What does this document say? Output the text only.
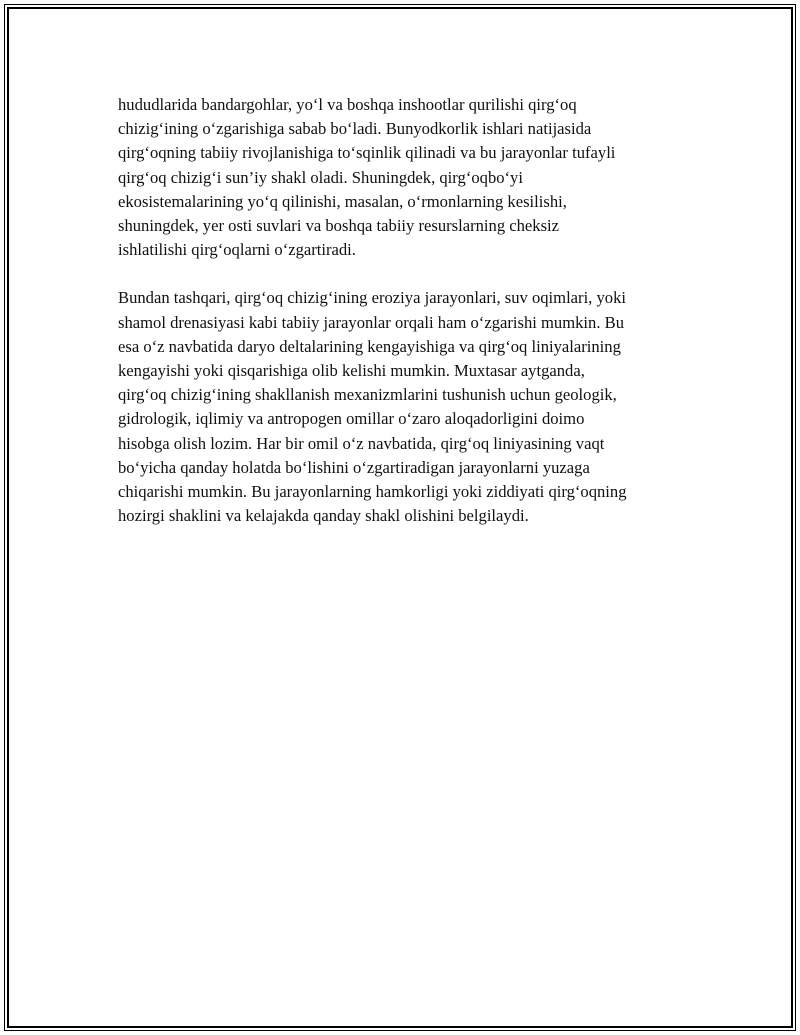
hududlarida bandargohlar, yo‘l va boshqa inshootlar qurilishi qirg‘oq
chizig‘ining o‘zgarishiga sabab bo‘ladi. Bunyodkorlik ishlari natijasida
qirg‘oqning tabiiy rivojlanishiga to‘sqinlik qilinadi va bu jarayonlar tufayli
qirg‘oq chizig‘i sun’iy shakl oladi. Shuningdek, qirg‘oqbo‘yi
ekosistemalarining yo‘q qilinishi, masalan, o‘rmonlarning kesilishi,
shuningdek, yer osti suvlari va boshqa tabiiy resurslarning cheksiz
ishlatilishi qirg‘oqlarni o‘zgartiradi.

Bundan tashqari, qirg‘oq chizig‘ining eroziya jarayonlari, suv oqimlari, yoki
shamol drenasiyasi kabi tabiiy jarayonlar orqali ham o‘zgarishi mumkin. Bu
esa o‘z navbatida daryo deltalarining kengayishiga va qirg‘oq liniyalarining
kengayishi yoki qisqarishiga olib kelishi mumkin. Muxtasar aytganda,
qirg‘oq chizig‘ining shakllanish mexanizmlarini tushunish uchun geologik,
gidrologik, iqlimiy va antropogen omillar o‘zaro aloqadorligini doimo
hisobga olish lozim. Har bir omil o‘z navbatida, qirg‘oq liniyasining vaqt
bo‘yicha qanday holatda bo‘lishini o‘zgartiradigan jarayonlarni yuzaga
chiqarishi mumkin. Bu jarayonlarning hamkorligi yoki ziddiyati qirg‘oqning
hozirgi shaklini va kelajakda qanday shakl olishini belgilaydi.
